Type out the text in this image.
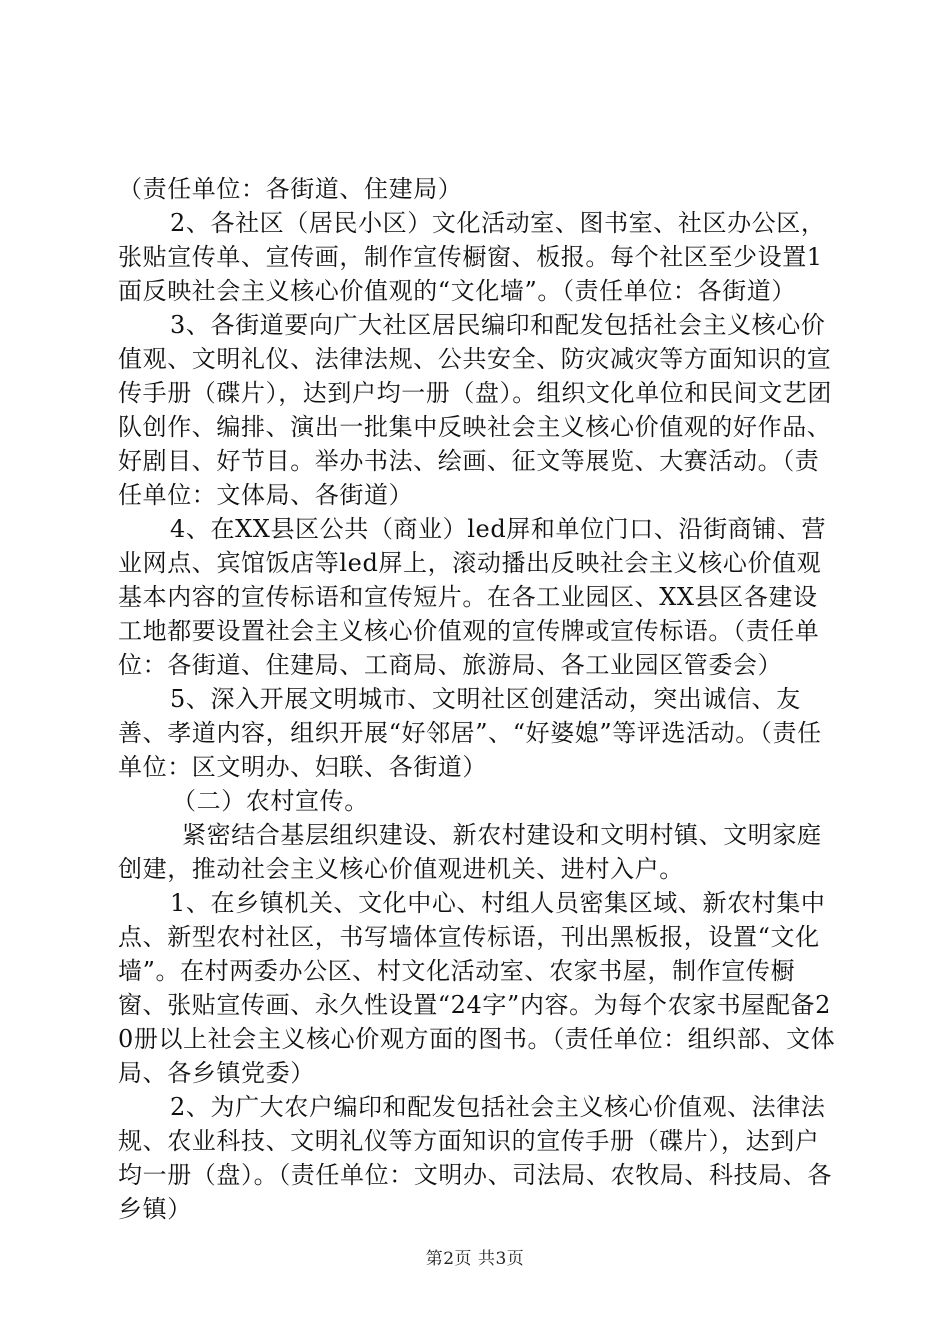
（责任单位：各街道、住建局）

2、各社区（居民小区）文化活动室、图书室、社区办公区，张贴宣传单、宣传画，制作宣传橱窗、板报。每个社区至少设置1面反映社会主义核心价值观的“文化墙”。（责任单位：各街道）

3、各街道要向广大社区居民编印和配发包括社会主义核心价值观、文明礼仪、法律法规、公共安全、防灾减灾等方面知识的宣传手册（碟片），达到户均一册（盘）。组织文化单位和民间文艺团队创作、编排、演出一批集中反映社会主义核心价值观的好作品、好剧目、好节目。举办书法、绘画、征文等展览、大赛活动。（责任单位：文体局、各街道）

4、在XX县区公共（商业）led屏和单位门口、沿街商铺、营业网点、宾馆饭店等led屏上，滚动播出反映社会主义核心价值观基本内容的宣传标语和宣传短片。在各工业园区、XX县区各建设工地都要设置社会主义核心价值观的宣传牌或宣传标语。（责任单位：各街道、住建局、工商局、旅游局、各工业园区管委会）

5、深入开展文明城市、文明社区创建活动，突出诚信、友善、孝道内容，组织开展“好邻居”、“好婆媳”等评选活动。（责任单位：区文明办、妇联、各街道）

（二）农村宣传。

紧密结合基层组织建设、新农村建设和文明村镇、文明家庭创建，推动社会主义核心价值观进机关、进村入户。

1、在乡镇机关、文化中心、村组人员密集区域、新农村集中点、新型农村社区，书写墙体宣传标语，刊出黑板报，设置“文化墙”。在村两委办公区、村文化活动室、农家书屋，制作宣传橱窗、张贴宣传画、永久性设置“24字”内容。为每个农家书屋配备20册以上社会主义核心价观方面的图书。（责任单位：组织部、文体局、各乡镇党委）

2、为广大农户编印和配发包括社会主义核心价值观、法律法规、农业科技、文明礼仪等方面知识的宣传手册（碟片），达到户均一册（盘）。（责任单位：文明办、司法局、农牧局、科技局、各乡镇）

第2页 共3页
